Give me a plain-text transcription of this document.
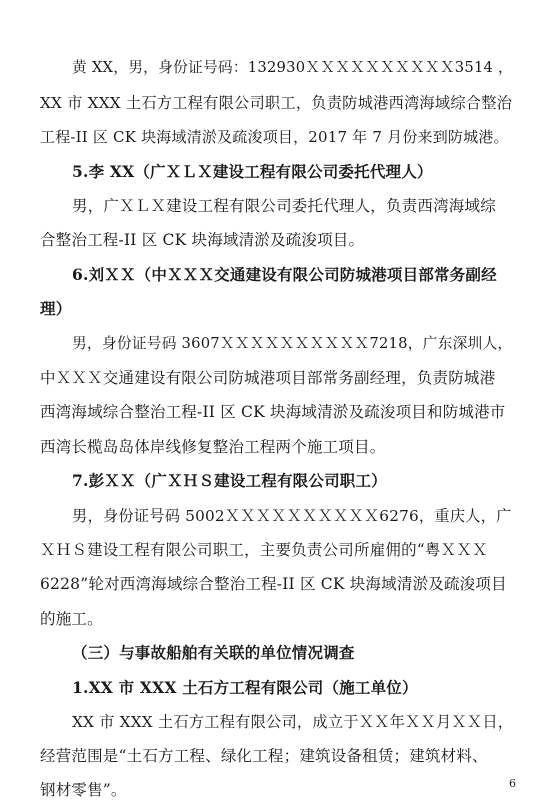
黄 XX，男，身份证号码：132930ＸＸＸＸＸＸＸＸＸＸ3514 ，
XX 市 XXX 土石方工程有限公司职工，负责防城港西湾海域综合整治
工程-II 区 CK 块海域清淤及疏浚项目，2017 年 7 月份来到防城港。
5.李 XX（广ＸＬＸ建设工程有限公司委托代理人）
男，广ＸＬＸ建设工程有限公司委托代理人，负责西湾海域综
合整治工程-II 区 CK 块海域清淤及疏浚项目。
6.刘ＸＸ（中ＸＸＸ交通建设有限公司防城港项目部常务副经
理）
男，身份证号码 3607ＸＸＸＸＸＸＸＸＸＸ7218，广东深圳人，
中ＸＸＸ交通建设有限公司防城港项目部常务副经理，负责防城港
西湾海域综合整治工程-II 区 CK 块海域清淤及疏浚项目和防城港市
西湾长榄岛岛体岸线修复整治工程两个施工项目。
7.彭ＸＸ（广ＸＨＳ建设工程有限公司职工）
男，身份证号码 5002ＸＸＸＸＸＸＸＸＸＸ6276，重庆人，广
ＸＨＳ建设工程有限公司职工，主要负责公司所雇佣的“粤ＸＸＸ
6228”轮对西湾海域综合整治工程-II 区 CK 块海域清淤及疏浚项目
的施工。
（三）与事故船舶有关联的单位情况调查
1.XX 市 XXX 土石方工程有限公司（施工单位）
XX 市 XXX 土石方工程有限公司，成立于ＸＸ年ＸＸ月ＸＸ日，
经营范围是“土石方工程、绿化工程；建筑设备租赁；建筑材料、
钢材零售”。	6
